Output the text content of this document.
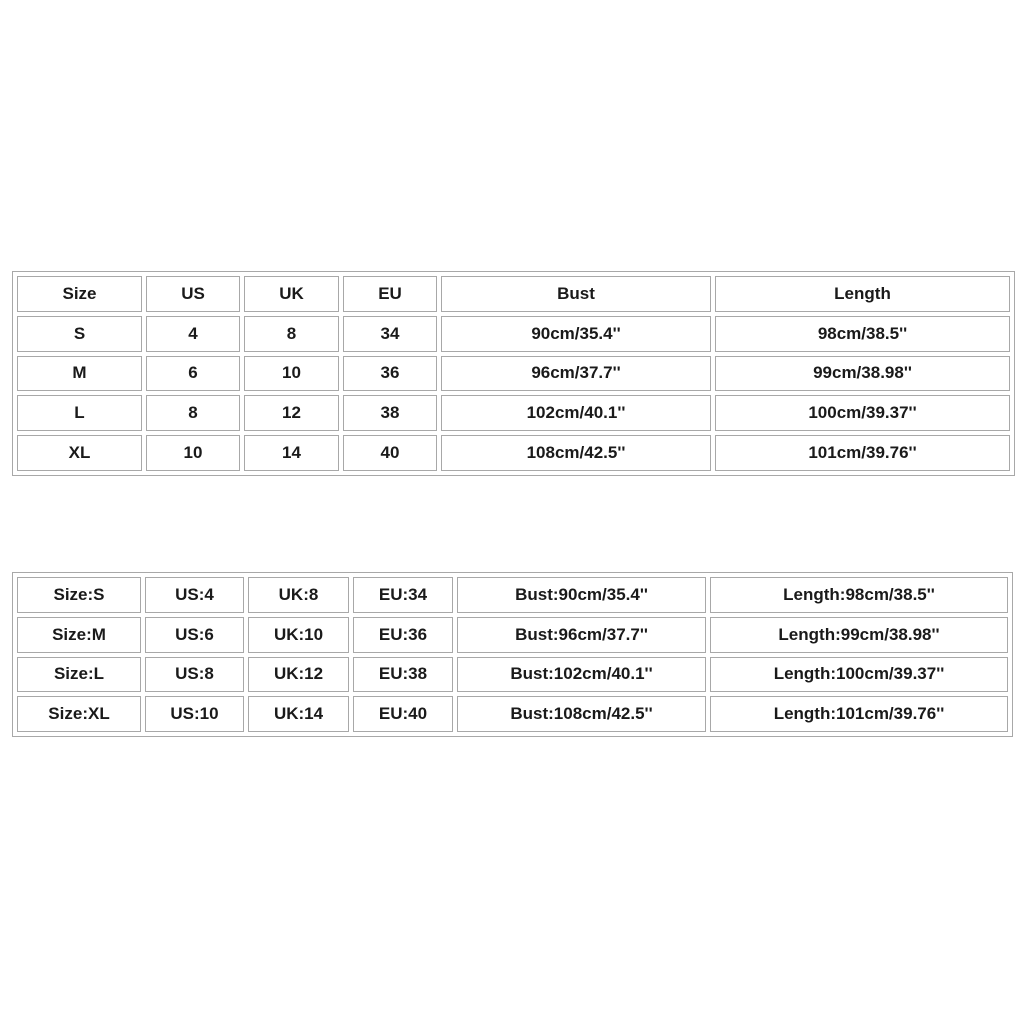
Size	US	UK	EU	Bust	Length
S	4	8	34	90cm/35.4''	98cm/38.5''
M	6	10	36	96cm/37.7''	99cm/38.98''
L	8	12	38	102cm/40.1''	100cm/39.37''
XL	10	14	40	108cm/42.5''	101cm/39.76''
Size:S	US:4	UK:8	EU:34	Bust:90cm/35.4''	Length:98cm/38.5''
Size:M	US:6	UK:10	EU:36	Bust:96cm/37.7''	Length:99cm/38.98''
Size:L	US:8	UK:12	EU:38	Bust:102cm/40.1''	Length:100cm/39.37''
Size:XL	US:10	UK:14	EU:40	Bust:108cm/42.5''	Length:101cm/39.76''
